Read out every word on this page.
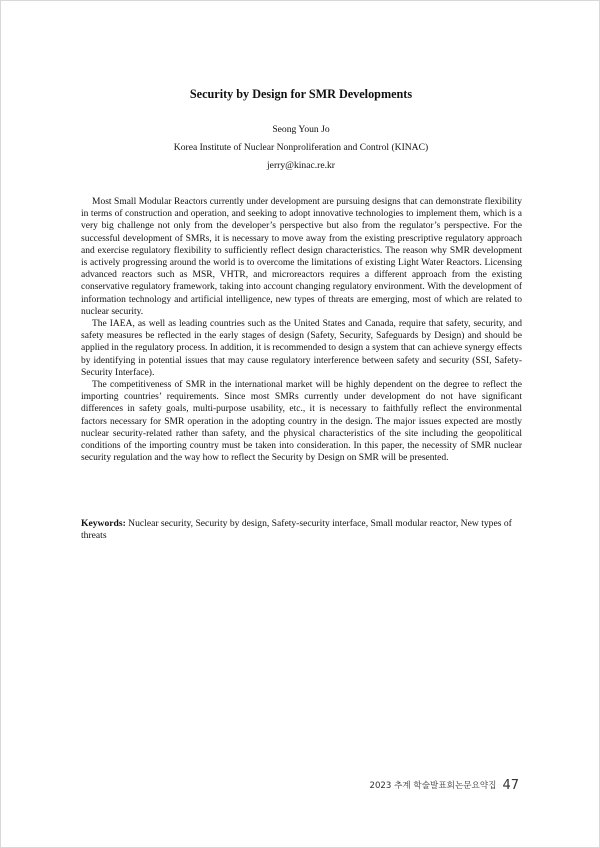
Security by Design for SMR Developments
Seong Youn Jo
Korea Institute of Nuclear Nonproliferation and Control (KINAC)
jerry@kinac.re.kr

Most Small Modular Reactors currently under development are pursuing designs that can demonstrate flexibility in terms of construction and operation, and seeking to adopt innovative technologies to implement them, which is a very big challenge not only from the developer’s perspective but also from the regulator’s perspective. For the successful development of SMRs, it is necessary to move away from the existing prescriptive regulatory approach and exercise regulatory flexibility to sufficiently reflect design characteristics. The reason why SMR development is actively progressing around the world is to overcome the limitations of existing Light Water Reactors. Licensing advanced reactors such as MSR, VHTR, and microreactors requires a different approach from the existing conservative regulatory framework, taking into account changing regulatory environment. With the development of information technology and artificial intelligence, new types of threats are emerging, most of which are related to nuclear security.

The IAEA, as well as leading countries such as the United States and Canada, require that safety, security, and safety measures be reflected in the early stages of design (Safety, Security, Safeguards by Design) and should be applied in the regulatory process. In addition, it is recommended to design a system that can achieve synergy effects by identifying in potential issues that may cause regulatory interference between safety and security (SSI, Safety-Security Interface).

The competitiveness of SMR in the international market will be highly dependent on the degree to reflect the importing countries’ requirements. Since most SMRs currently under development do not have significant differences in safety goals, multi-purpose usability, etc., it is necessary to faithfully reflect the environmental factors necessary for SMR operation in the adopting country in the design. The major issues expected are mostly nuclear security-related rather than safety, and the physical characteristics of the site including the geopolitical conditions of the importing country must be taken into consideration. In this paper, the necessity of SMR nuclear security regulation and the way how to reflect the Security by Design on SMR will be presented.

Keywords: Nuclear security, Security by design, Safety-security interface, Small modular reactor, New types of threats
2023 추계 학술발표회논문요약집 47
